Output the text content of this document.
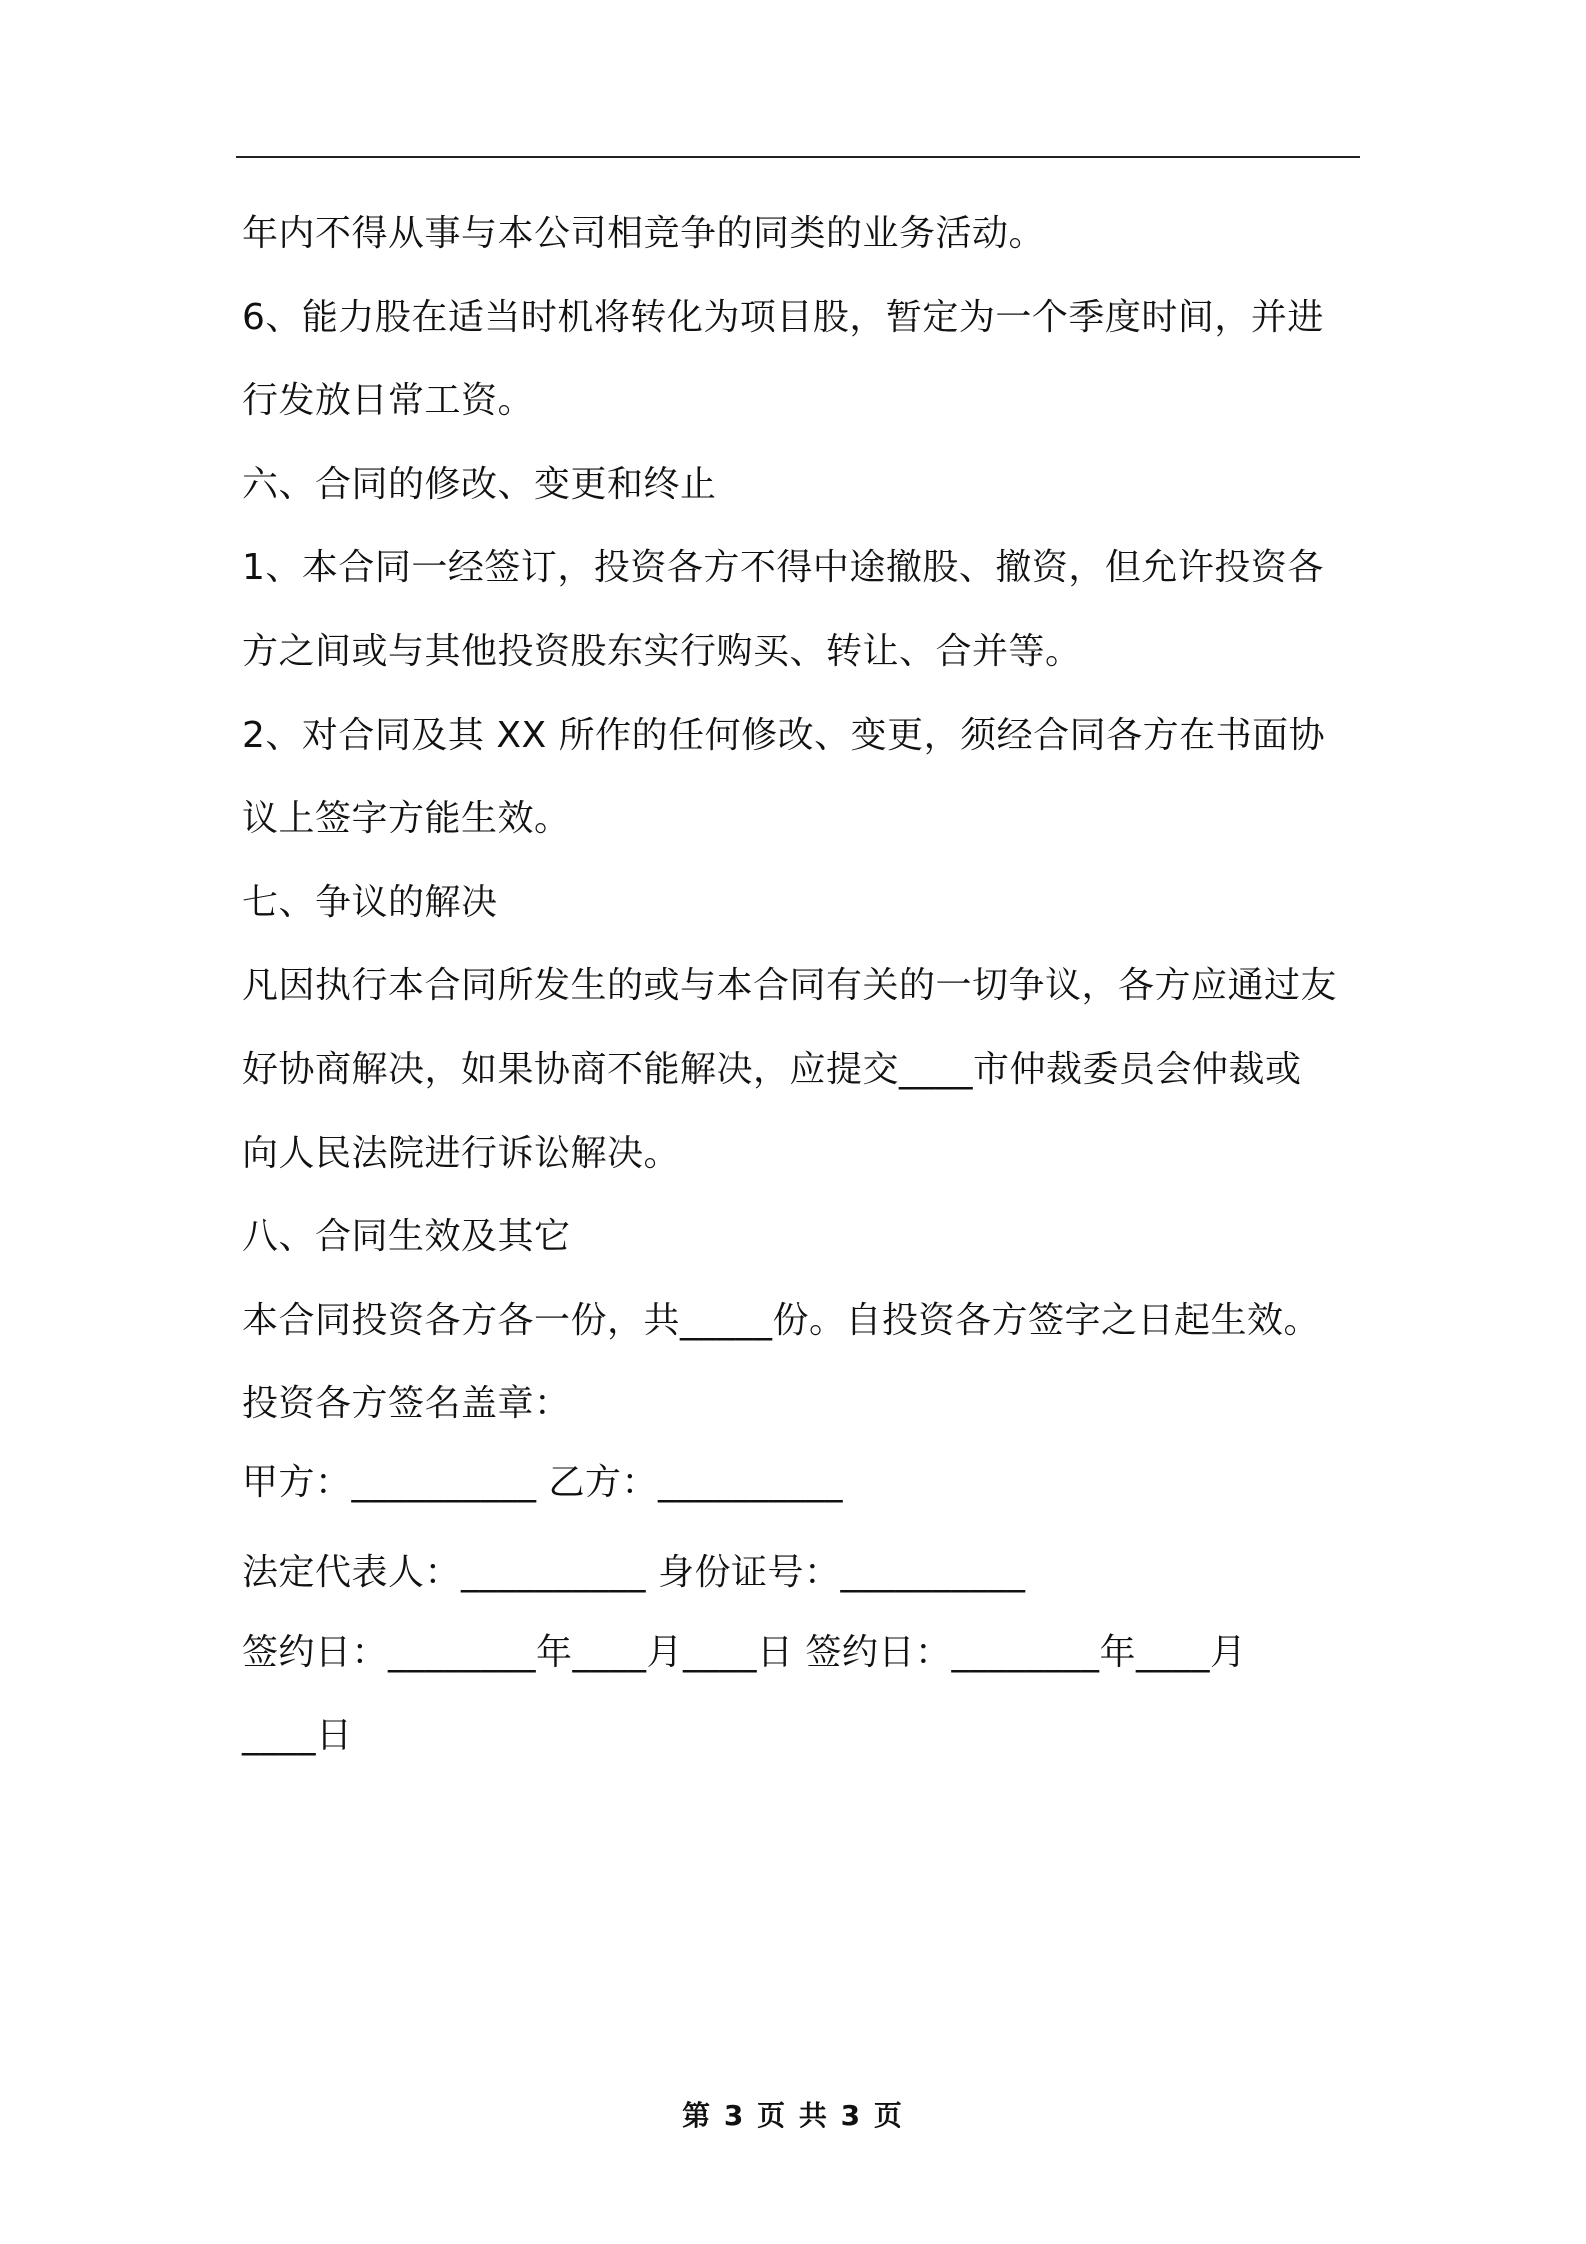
年内不得从事与本公司相竞争的同类的业务活动。
6、能力股在适当时机将转化为项目股，暂定为一个季度时间，并进
行发放日常工资。
六、合同的修改、变更和终止
1、本合同一经签订，投资各方不得中途撤股、撤资，但允许投资各
方之间或与其他投资股东实行购买、转让、合并等。
2、对合同及其 XX 所作的任何修改、变更，须经合同各方在书面协
议上签字方能生效。
七、争议的解决
凡因执行本合同所发生的或与本合同有关的一切争议，各方应通过友
好协商解决，如果协商不能解决，应提交____市仲裁委员会仲裁或
向人民法院进行诉讼解决。
八、合同生效及其它
本合同投资各方各一份，共_____份。自投资各方签字之日起生效。
投资各方签名盖章：
甲方：__________ 乙方：__________
法定代表人：__________ 身份证号：__________
签约日：________年____月____日 签约日：________年____月
____日
第 3 页 共 3 页
